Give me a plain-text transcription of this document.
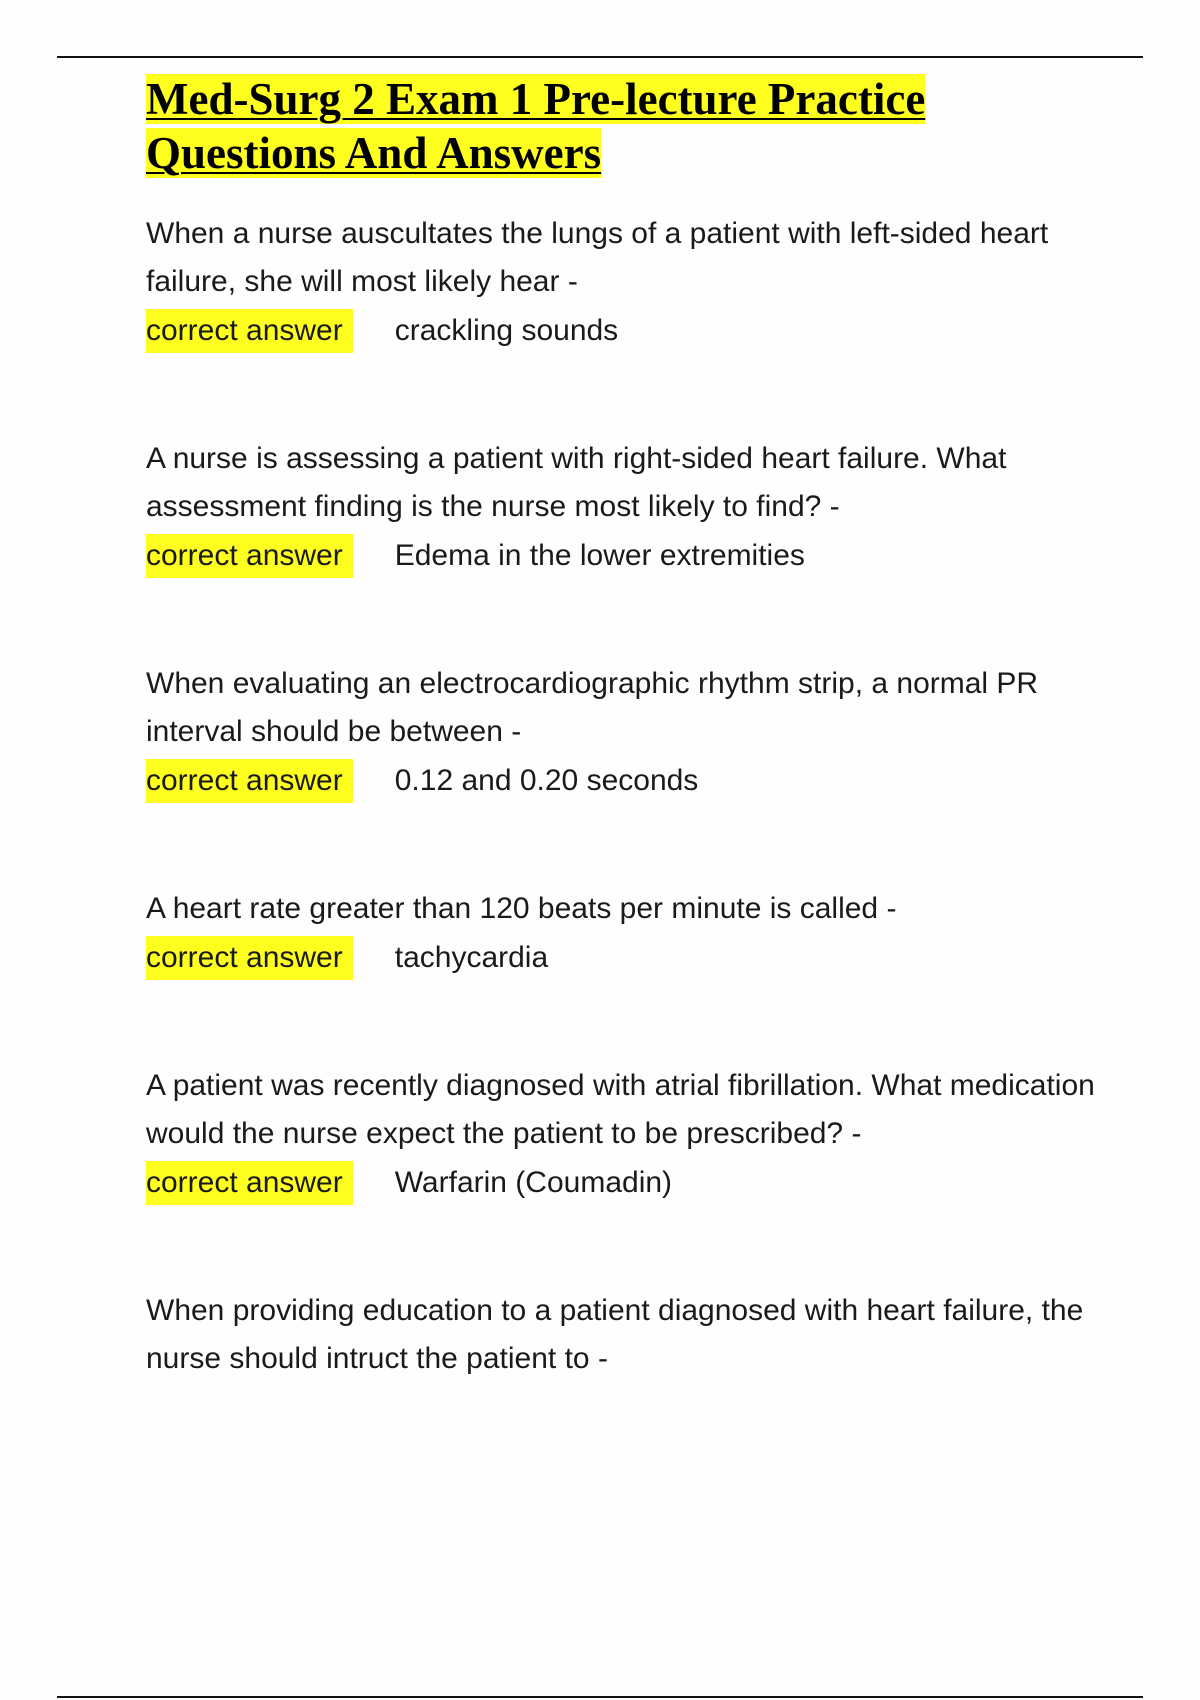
Med-Surg 2 Exam 1 Pre-lecture Practice Questions And Answers
When a nurse auscultates the lungs of a patient with left-sided heart failure, she will most likely hear -
correct answer	crackling sounds
A nurse is assessing a patient with right-sided heart failure. What assessment finding is the nurse most likely to find? -
correct answer	Edema in the lower extremities
When evaluating an electrocardiographic rhythm strip, a normal PR interval should be between -
correct answer	0.12 and 0.20 seconds
A heart rate greater than 120 beats per minute is called -
correct answer	tachycardia
A patient was recently diagnosed with atrial fibrillation. What medication would the nurse expect the patient to be prescribed? -
correct answer	Warfarin (Coumadin)
When providing education to a patient diagnosed with heart failure, the nurse should intruct the patient to -
